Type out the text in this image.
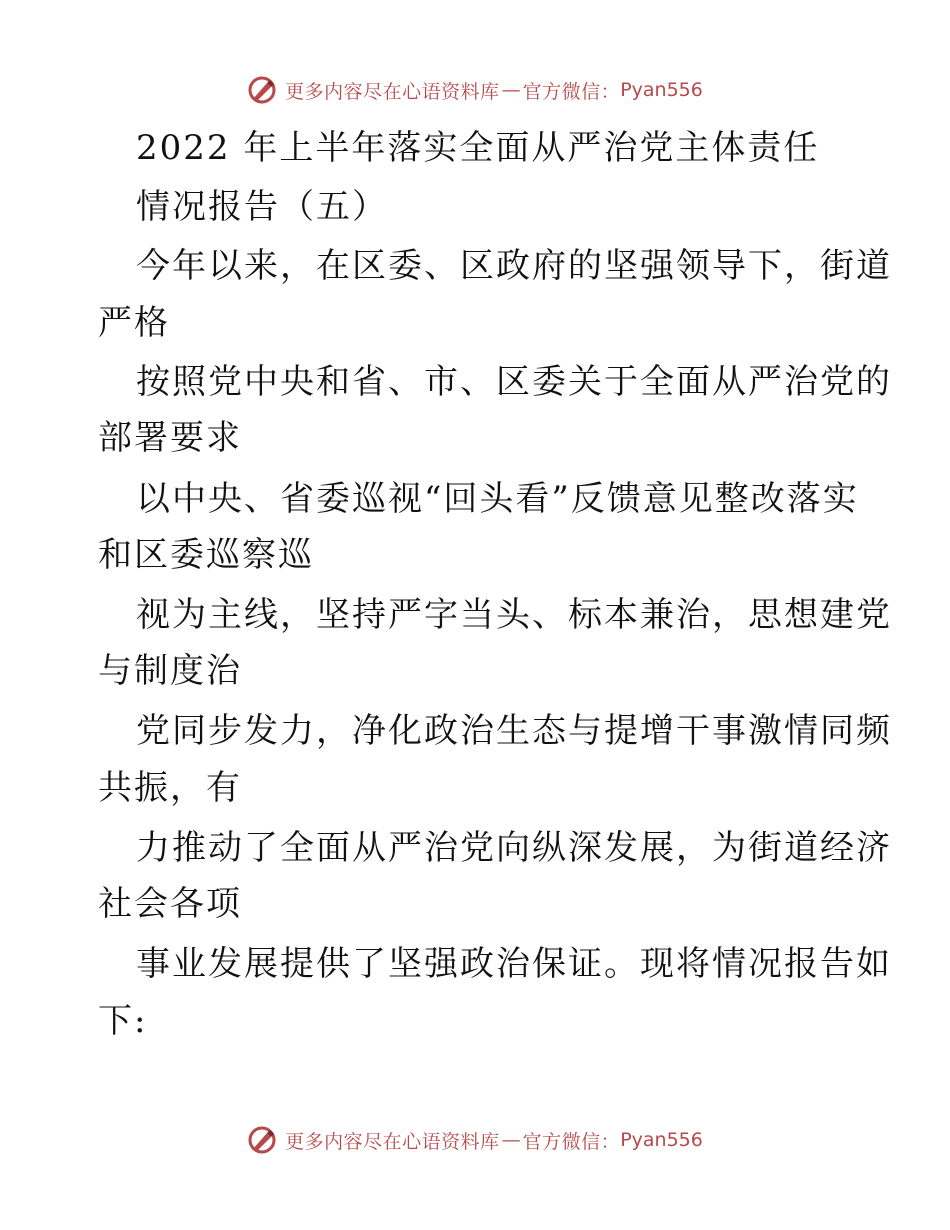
更多内容尽在心语资料库 — 官方微信： Pyan556
2022 年上半年落实全面从严治党主体责任
情况报告（五）
今年以来，在区委、区政府的坚强领导下，街道
严格
按照党中央和省、市、区委关于全面从严治党的
部署要求
以中央、省委巡视“回头看”反馈意见整改落实
和区委巡察巡
视为主线，坚持严字当头、标本兼治，思想建党
与制度治
党同步发力，净化政治生态与提增干事激情同频
共振，有
力推动了全面从严治党向纵深发展，为街道经济
社会各项
事业发展提供了坚强政治保证。现将情况报告如
下:
更多内容尽在心语资料库 — 官方微信： Pyan556
